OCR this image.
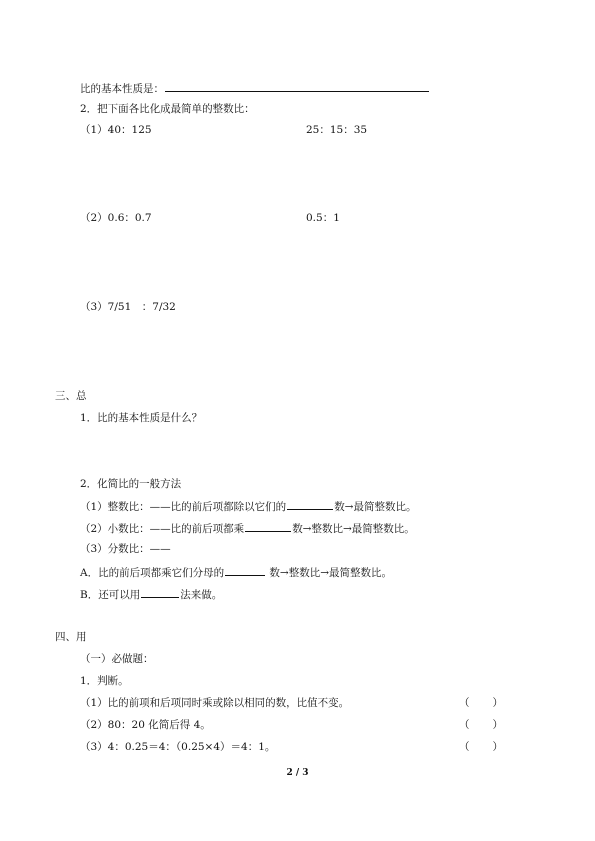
比的基本性质是：
2．把下面各比化成最简单的整数比：
（1）40：125	25：15：35
（2）0.6：0.7	0.5：1
（3）7/51　：7/32
三、总
1．比的基本性质是什么？
2．化简比的一般方法
（1）整数比：——比的前后项都除以它们的	数→最简整数比。
（2）小数比：——比的前后项都乘	数→整数比→最简整数比。
（3）分数比：——
A．比的前后项都乘它们分母的	数→整数比→最简整数比。
B．还可以用	法来做。
四、用
（一）必做题：
1．判断。
（1）比的前项和后项同时乘或除以相同的数，比值不变。	（ ）
（2）80：20 化简后得 4。	（ ）
（3）4：0.25＝4：（0.25×4）＝4：1。	（ ）
2 / 3
